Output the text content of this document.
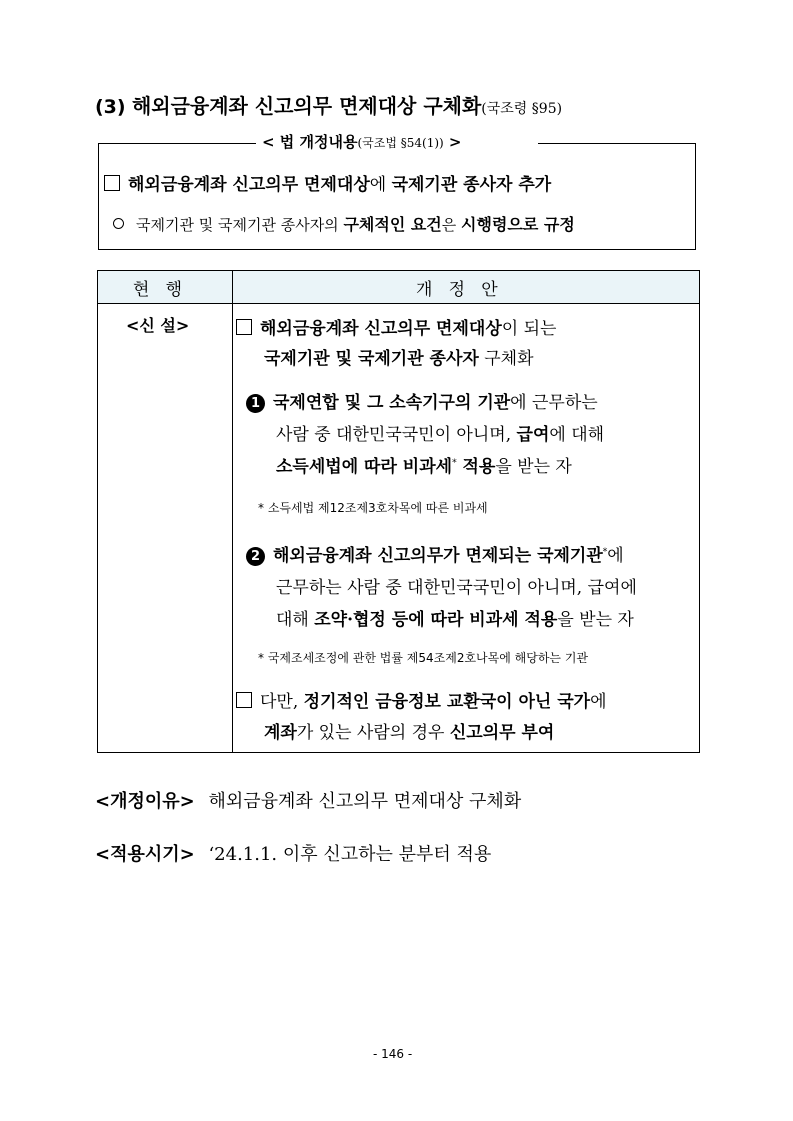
(3) 해외금융계좌 신고의무 면제대상 구체화(국조령 §95)
< 법 개정내용(국조법 §54(1)) >
해외금융계좌 신고의무 면제대상에 국제기관 종사자 추가
국제기관 및 국제기관 종사자의 구체적인 요건은 시행령으로 규정
현   행	개   정   안
<신 설>	해외금융계좌 신고의무 면제대상이 되는
국제기관 및 국제기관 종사자 구체화
1 국제연합 및 그 소속기구의 기관에 근무하는
사람 중 대한민국국민이 아니며, 급여에 대해
소득세법에 따라 비과세* 적용을 받는 자
* 소득세법 제12조제3호차목에 따른 비과세
2 해외금융계좌 신고의무가 면제되는 국제기관*에
근무하는 사람 중 대한민국국민이 아니며, 급여에
대해 조약·협정 등에 따라 비과세 적용을 받는 자
* 국제조세조정에 관한 법률 제54조제2호나목에 해당하는 기관
다만, 정기적인 금융정보 교환국이 아닌 국가에
계좌가 있는 사람의 경우 신고의무 부여
<개정이유> 해외금융계좌 신고의무 면제대상 구체화
<적용시기> ‘24.1.1. 이후 신고하는 분부터 적용
- 146 -
